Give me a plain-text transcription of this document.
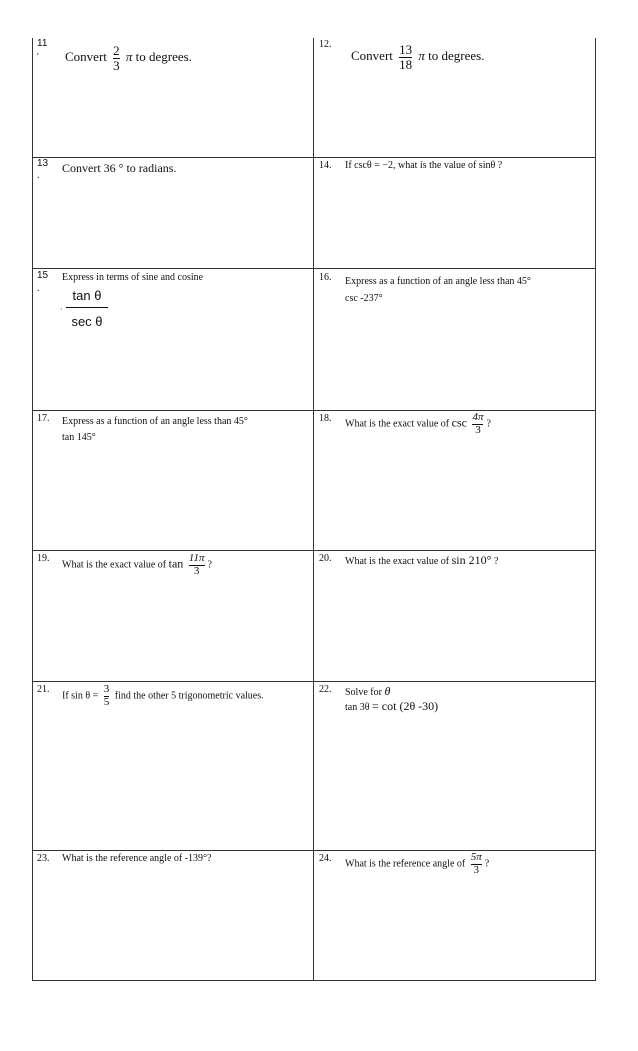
11
' Convert $\frac{2}{3}$ π to degrees.
12.
Convert $\frac{13}{18}$ π to degrees.
13
.
Convert 36 ° to radians.	14. If cscθ = −2, what is the value of sinθ ?
15
.
Express in terms of sine and cosine
tan θ
sec θ
·
16. Express as a function of an angle less than 45°
csc -237°
17. Express as a function of an angle less than 45°
tan 145°
18. What is the exact value of $\csc \frac{4\pi}{3}$ ?
19.
What is the exact value of $\tan \frac{11\pi}{3}$ ?
20. What is the exact value of sin 210° ?
21.
If $\sin \theta = \frac{3}{5}$ find the other 5 trigonometric values.
22. Solve for θ
tan 3θ = cot (2θ -30)
23. What is the reference angle of -139°?	24. What is the reference angle of $\frac{5\pi}{3}$ ?
